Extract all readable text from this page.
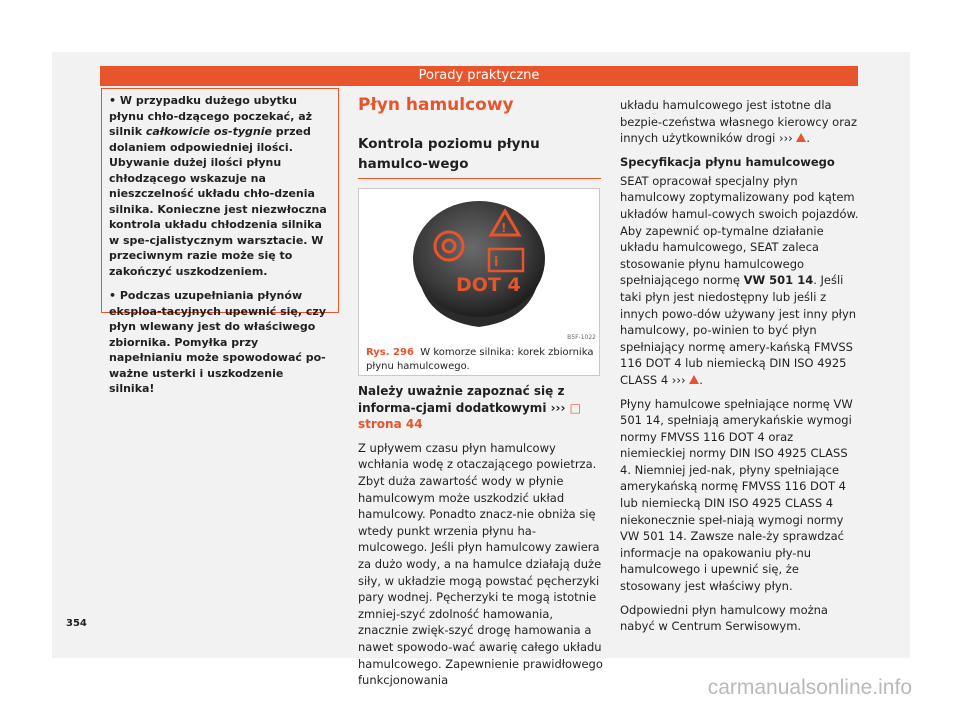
Porady praktyczne

• W przypadku dużego ubytku płynu chło-dzącego poczekać, aż silnik całkowicie os-tygnie przed dolaniem odpowiedniej ilości. Ubywanie dużej ilości płynu chłodzącego wskazuje na nieszczelność układu chło-dzenia silnika. Konieczne jest niezwłoczna kontrola układu chłodzenia silnika w spe-cjalistycznym warsztacie. W przeciwnym razie może się to zakończyć uszkodzeniem.

• Podczas uzupełniania płynów eksploa-tacyjnych upewnić się, czy płyn wlewany jest do właściwego zbiornika. Pomyłka przy napełnianiu może spowodować po-ważne usterki i uszkodzenie silnika!

Płyn hamulcowy
Kontrola poziomu płynu hamulco-wego
!
i
DOT 4
B5F-1022
Rys. 296 W komorze silnika: korek zbiornika płynu hamulcowego.

Należy uważnie zapoznać się z informa-cjami dodatkowymi ››› □ strona 44

Z upływem czasu płyn hamulcowy wchłania wodę z otaczającego powietrza. Zbyt duża zawartość wody w płynie hamulcowym może uszkodzić układ hamulcowy. Ponadto znacz-nie obniża się wtedy punkt wrzenia płynu ha-mulcowego. Jeśli płyn hamulcowy zawiera za dużo wody, a na hamulce działają duże siły, w układzie mogą powstać pęcherzyki pary wodnej. Pęcherzyki te mogą istotnie zmniej-szyć zdolność hamowania, znacznie zwięk-szyć drogę hamowania a nawet spowodo-wać awarię całego układu hamulcowego. Zapewnienie prawidłowego funkcjonowania

układu hamulcowego jest istotne dla bezpie-czeństwa własnego kierowcy oraz innych użytkowników drogi ››› .

Specyfikacja płynu hamulcowego

SEAT opracował specjalny płyn hamulcowy zoptymalizowany pod kątem układów hamul-cowych swoich pojazdów. Aby zapewnić op-tymalne działanie układu hamulcowego, SEAT zaleca stosowanie płynu hamulcowego spełniającego normę VW 501 14. Jeśli taki płyn jest niedostępny lub jeśli z innych powo-dów używany jest inny płyn hamulcowy, po-winien to być płyn spełniający normę amery-kańską FMVSS 116 DOT 4 lub niemiecką DIN ISO 4925 CLASS 4 ››› .

Płyny hamulcowe spełniające normę VW 501 14, spełniają amerykańskie wymogi normy FMVSS 116 DOT 4 oraz niemieckiej normy DIN ISO 4925 CLASS 4. Niemniej jed-nak, płyny spełniające amerykańską normę FMVSS 116 DOT 4 lub niemiecką DIN ISO 4925 CLASS 4 niekonecznie speł-niają wymogi normy VW 501 14. Zawsze nale-ży sprawdzać informacje na opakowaniu pły-nu hamulcowego i upewnić się, że stosowany jest właściwy płyn.

Odpowiedni płyn hamulcowy można nabyć w Centrum Serwisowym.

354
carmanualsonline.info
